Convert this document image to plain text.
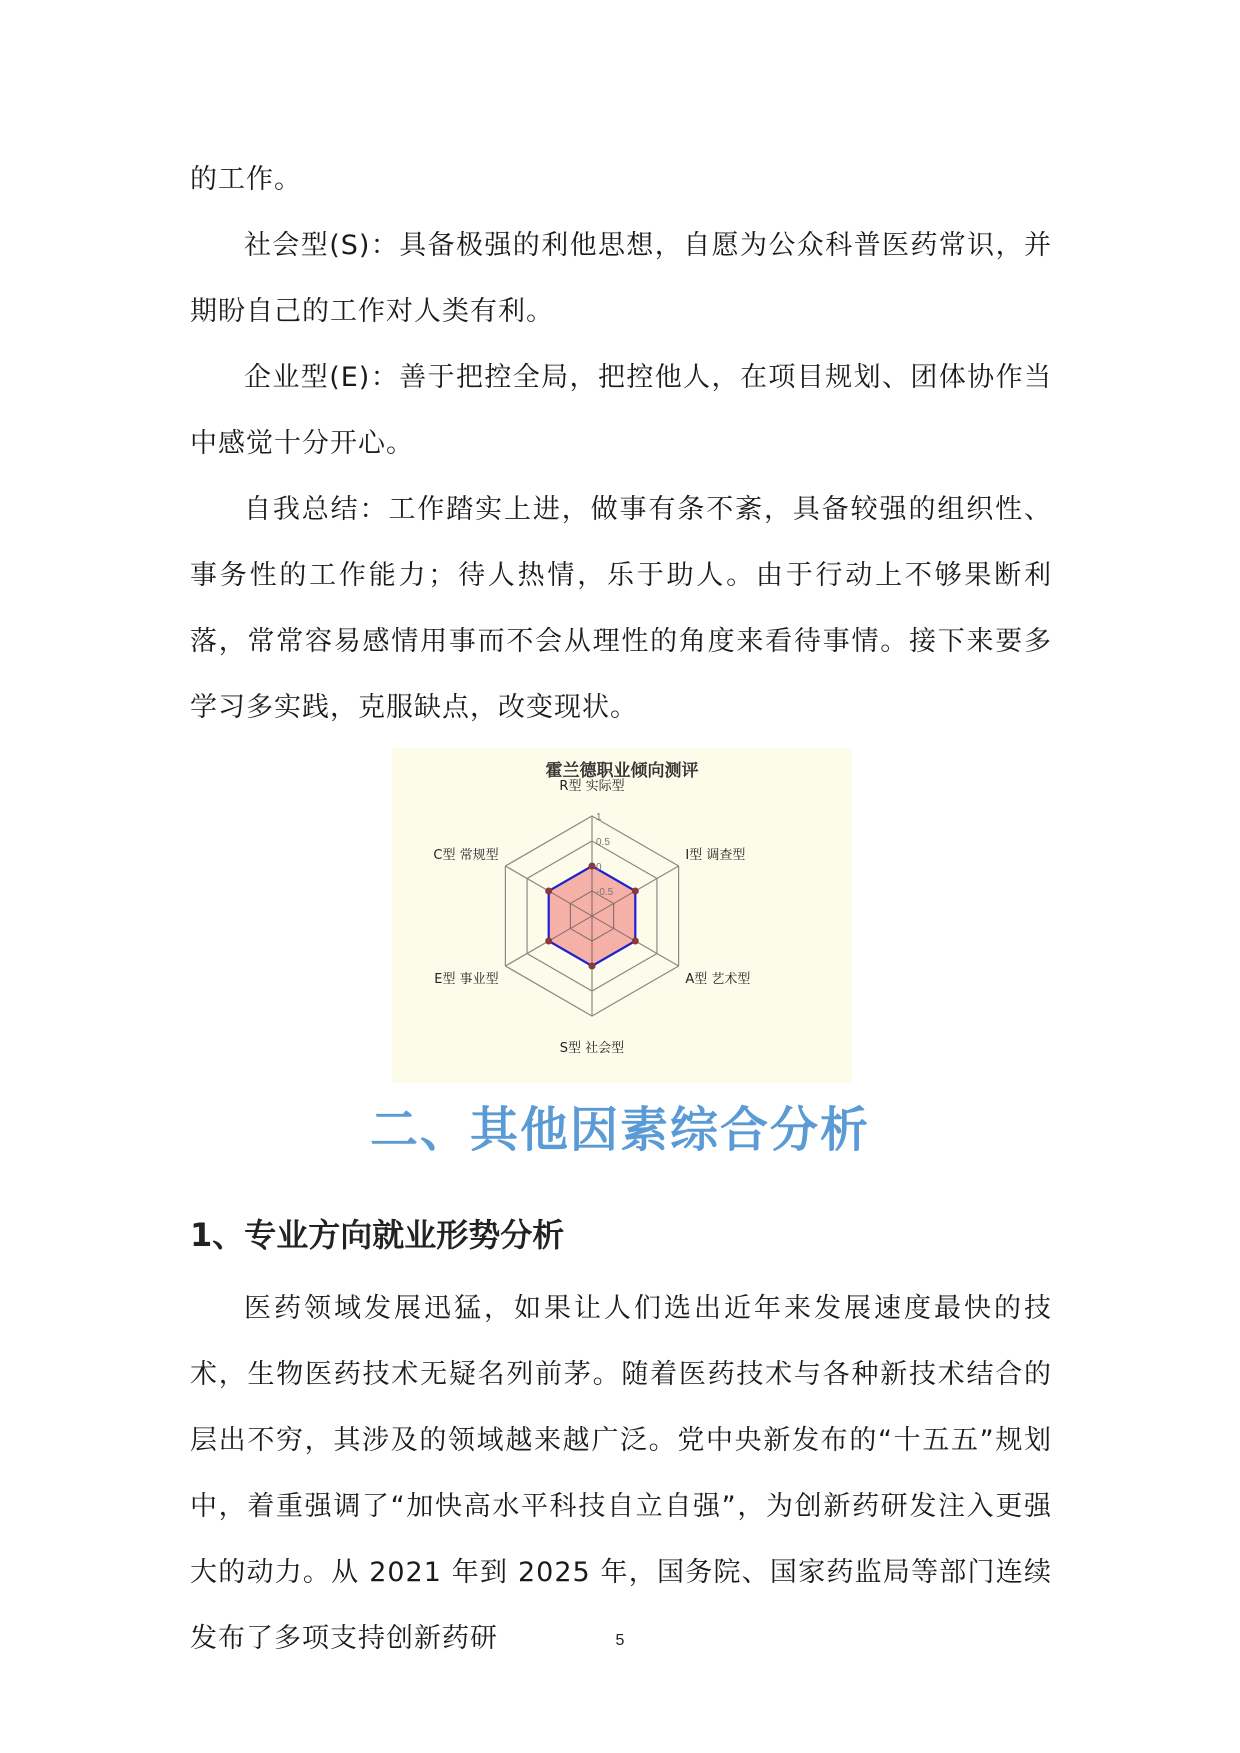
的工作。

社会型(S)：具备极强的利他思想，自愿为公众科普医药常识，并期盼自己的工作对人类有利。

企业型(E)：善于把控全局，把控他人，在项目规划、团体协作当中感觉十分开心。

自我总结：工作踏实上进，做事有条不紊，具备较强的组织性、事务性的工作能力；待人热情，乐于助人。由于行动上不够果断利落，常常容易感情用事而不会从理性的角度来看待事情。接下来要多学习多实践，克服缺点，改变现状。

霍兰德职业倾向测评
-0.5
0
0.5
1
R型 实际型
I型 调查型
A型 艺术型
S型 社会型
E型 事业型
C型 常规型
二、其他因素综合分析
1、专业方向就业形势分析

医药领域发展迅猛，如果让人们选出近年来发展速度最快的技术，生物医药技术无疑名列前茅。随着医药技术与各种新技术结合的层出不穷，其涉及的领域越来越广泛。党中央新发布的“十五五”规划中，着重强调了“加快高水平科技自立自强”，为创新药研发注入更强大的动力。从 2021 年到 2025 年，国务院、国家药监局等部门连续发布了多项支持创新药研	5
